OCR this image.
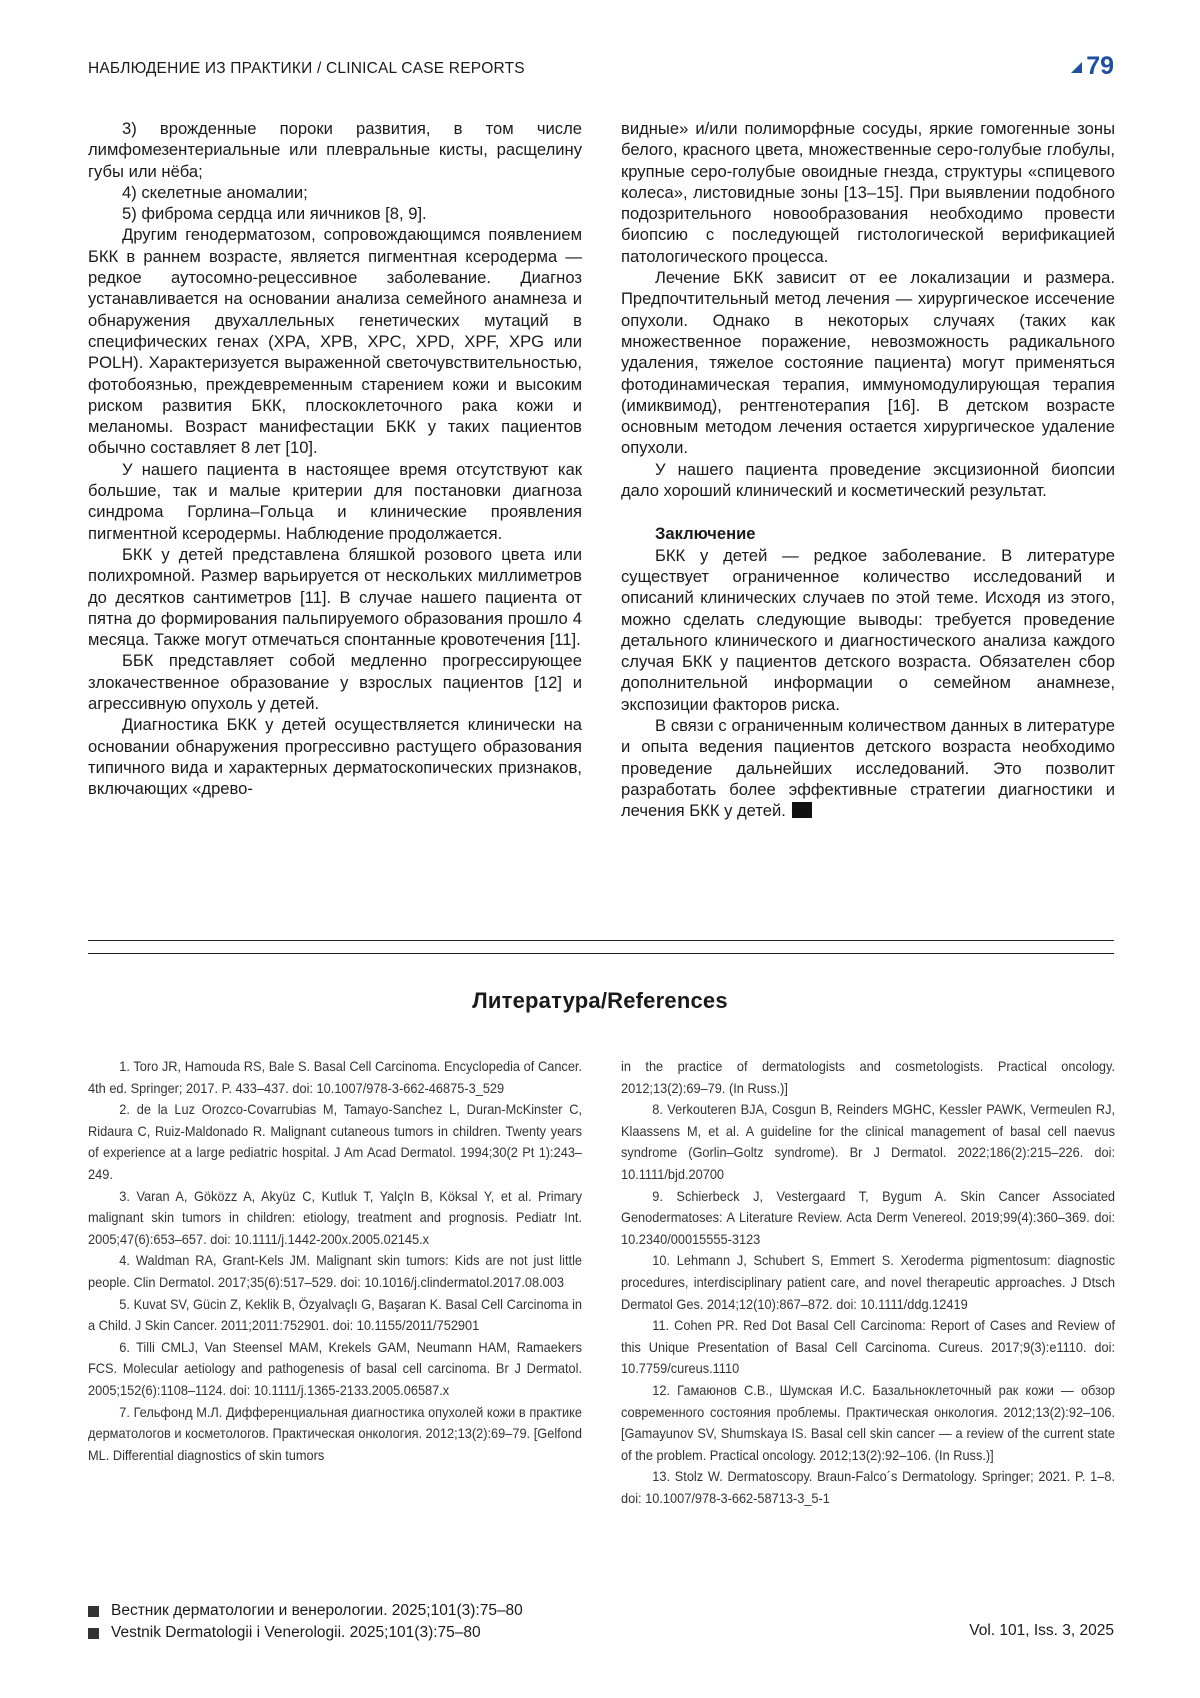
НАБЛЮДЕНИЕ ИЗ ПРАКТИКИ / CLINICAL CASE REPORTS	79

3) врожденные пороки развития, в том числе лимфомезентериальные или плевральные кисты, расщелину губы или нёба;

4) скелетные аномалии;

5) фиброма сердца или яичников [8, 9].

Другим генодерматозом, сопровождающимся появлением БКК в раннем возрасте, является пигментная ксеродерма — редкое аутосомно-рецессивное заболевание. Диагноз устанавливается на основании анализа семейного анамнеза и обнаружения двухаллельных генетических мутаций в специфических генах (XPA, XPB, XPC, XPD, XPF, XPG или POLH). Характеризуется выраженной светочувствительностью, фотобоязнью, преждевременным старением кожи и высоким риском развития БКК, плоскоклеточного рака кожи и меланомы. Возраст манифестации БКК у таких пациентов обычно составляет 8 лет [10].

У нашего пациента в настоящее время отсутствуют как большие, так и малые критерии для постановки диагноза синдрома Горлина–Гольца и клинические проявления пигментной ксеродермы. Наблюдение продолжается.

БКК у детей представлена бляшкой розового цвета или полихромной. Размер варьируется от нескольких миллиметров до десятков сантиметров [11]. В случае нашего пациента от пятна до формирования пальпируемого образования прошло 4 месяца. Также могут отмечаться спонтанные кровотечения [11].

ББК представляет собой медленно прогрессирующее злокачественное образование у взрослых пациентов [12] и агрессивную опухоль у детей.

Диагностика БКК у детей осуществляется клинически на основании обнаружения прогрессивно растущего образования типичного вида и характерных дерматоскопических признаков, включающих «древо-

видные» и/или полиморфные сосуды, яркие гомогенные зоны белого, красного цвета, множественные серо-голубые глобулы, крупные серо-голубые овоидные гнезда, структуры «спицевого колеса», листовидные зоны [13–15]. При выявлении подобного подозрительного новообразования необходимо провести биопсию с последующей гистологической верификацией патологического процесса.

Лечение БКК зависит от ее локализации и размера. Предпочтительный метод лечения — хирургическое иссечение опухоли. Однако в некоторых случаях (таких как множественное поражение, невозможность радикального удаления, тяжелое состояние пациента) могут применяться фотодинамическая терапия, иммуномодулирующая терапия (имиквимод), рентгенотерапия [16]. В детском возрасте основным методом лечения остается хирургическое удаление опухоли.

У нашего пациента проведение эксцизионной биопсии дало хороший клинический и косметический результат.

Заключение

БКК у детей — редкое заболевание. В литературе существует ограниченное количество исследований и описаний клинических случаев по этой теме. Исходя из этого, можно сделать следующие выводы: требуется проведение детального клинического и диагностического анализа каждого случая БКК у пациентов детского возраста. Обязателен сбор дополнительной информации о семейном анамнезе, экспозиции факторов риска.

В связи с ограниченным количеством данных в литературе и опыта ведения пациентов детского возраста необходимо проведение дальнейших исследований. Это позволит разработать более эффективные стратегии диагностики и лечения БКК у детей.

Литература/References

1. Toro JR, Hamouda RS, Bale S. Basal Cell Carcinoma. Encyclopedia of Cancer. 4th ed. Springer; 2017. P. 433–437. doi: 10.1007/978-3-662-46875-3_529

2. de la Luz Orozco-Covarrubias M, Tamayo-Sanchez L, Duran-McKinster C, Ridaura C, Ruiz-Maldonado R. Malignant cutaneous tumors in children. Twenty years of experience at a large pediatric hospital. J Am Acad Dermatol. 1994;30(2 Pt 1):243–249.

3. Varan A, Göközz A, Akyüz C, Kutluk T, YalçIn B, Köksal Y, et al. Primary malignant skin tumors in children: etiology, treatment and prognosis. Pediatr Int. 2005;47(6):653–657. doi: 10.1111/j.1442-200x.2005.02145.x

4. Waldman RA, Grant-Kels JM. Malignant skin tumors: Kids are not just little people. Clin Dermatol. 2017;35(6):517–529. doi: 10.1016/j.clindermatol.2017.08.003

5. Kuvat SV, Gücin Z, Keklik B, Özyalvaçlı G, Başaran K. Basal Cell Carcinoma in a Child. J Skin Cancer. 2011;2011:752901. doi: 10.1155/2011/752901

6. Tilli CMLJ, Van Steensel MAM, Krekels GAM, Neumann HAM, Ramaekers FCS. Molecular aetiology and pathogenesis of basal cell carcinoma. Br J Dermatol. 2005;152(6):1108–1124. doi: 10.1111/j.1365-2133.2005.06587.x

7. Гельфонд М.Л. Дифференциальная диагностика опухолей кожи в практике дерматологов и косметологов. Практическая онкология. 2012;13(2):69–79. [Gelfond ML. Differential diagnostics of skin tumors

in the practice of dermatologists and cosmetologists. Practical oncology. 2012;13(2):69–79. (In Russ.)]

8. Verkouteren BJA, Cosgun B, Reinders MGHC, Kessler PAWK, Vermeulen RJ, Klaassens M, et al. A guideline for the clinical management of basal cell naevus syndrome (Gorlin–Goltz syndrome). Br J Dermatol. 2022;186(2):215–226. doi: 10.1111/bjd.20700

9. Schierbeck J, Vestergaard T, Bygum A. Skin Cancer Associated Genodermatoses: A Literature Review. Acta Derm Venereol. 2019;99(4):360–369. doi: 10.2340/00015555-3123

10. Lehmann J, Schubert S, Emmert S. Xeroderma pigmentosum: diagnostic procedures, interdisciplinary patient care, and novel therapeutic approaches. J Dtsch Dermatol Ges. 2014;12(10):867–872. doi: 10.1111/ddg.12419

11. Cohen PR. Red Dot Basal Cell Carcinoma: Report of Cases and Review of this Unique Presentation of Basal Cell Carcinoma. Cureus. 2017;9(3):e1110. doi: 10.7759/cureus.1110

12. Гамаюнов С.В., Шумская И.С. Базальноклеточный рак кожи — обзор современного состояния проблемы. Практическая онкология. 2012;13(2):92–106. [Gamayunov SV, Shumskaya IS. Basal cell skin cancer — a review of the current state of the problem. Practical oncology. 2012;13(2):92–106. (In Russ.)]

13. Stolz W. Dermatoscopy. Braun-Falco´s Dermatology. Springer; 2021. P. 1–8. doi: 10.1007/978-3-662-58713-3_5-1

Вестник дерматологии и венерологии. 2025;101(3):75–80
Vestnik Dermatologii i Venerologii. 2025;101(3):75–80	Vol. 101, Iss. 3, 2025
